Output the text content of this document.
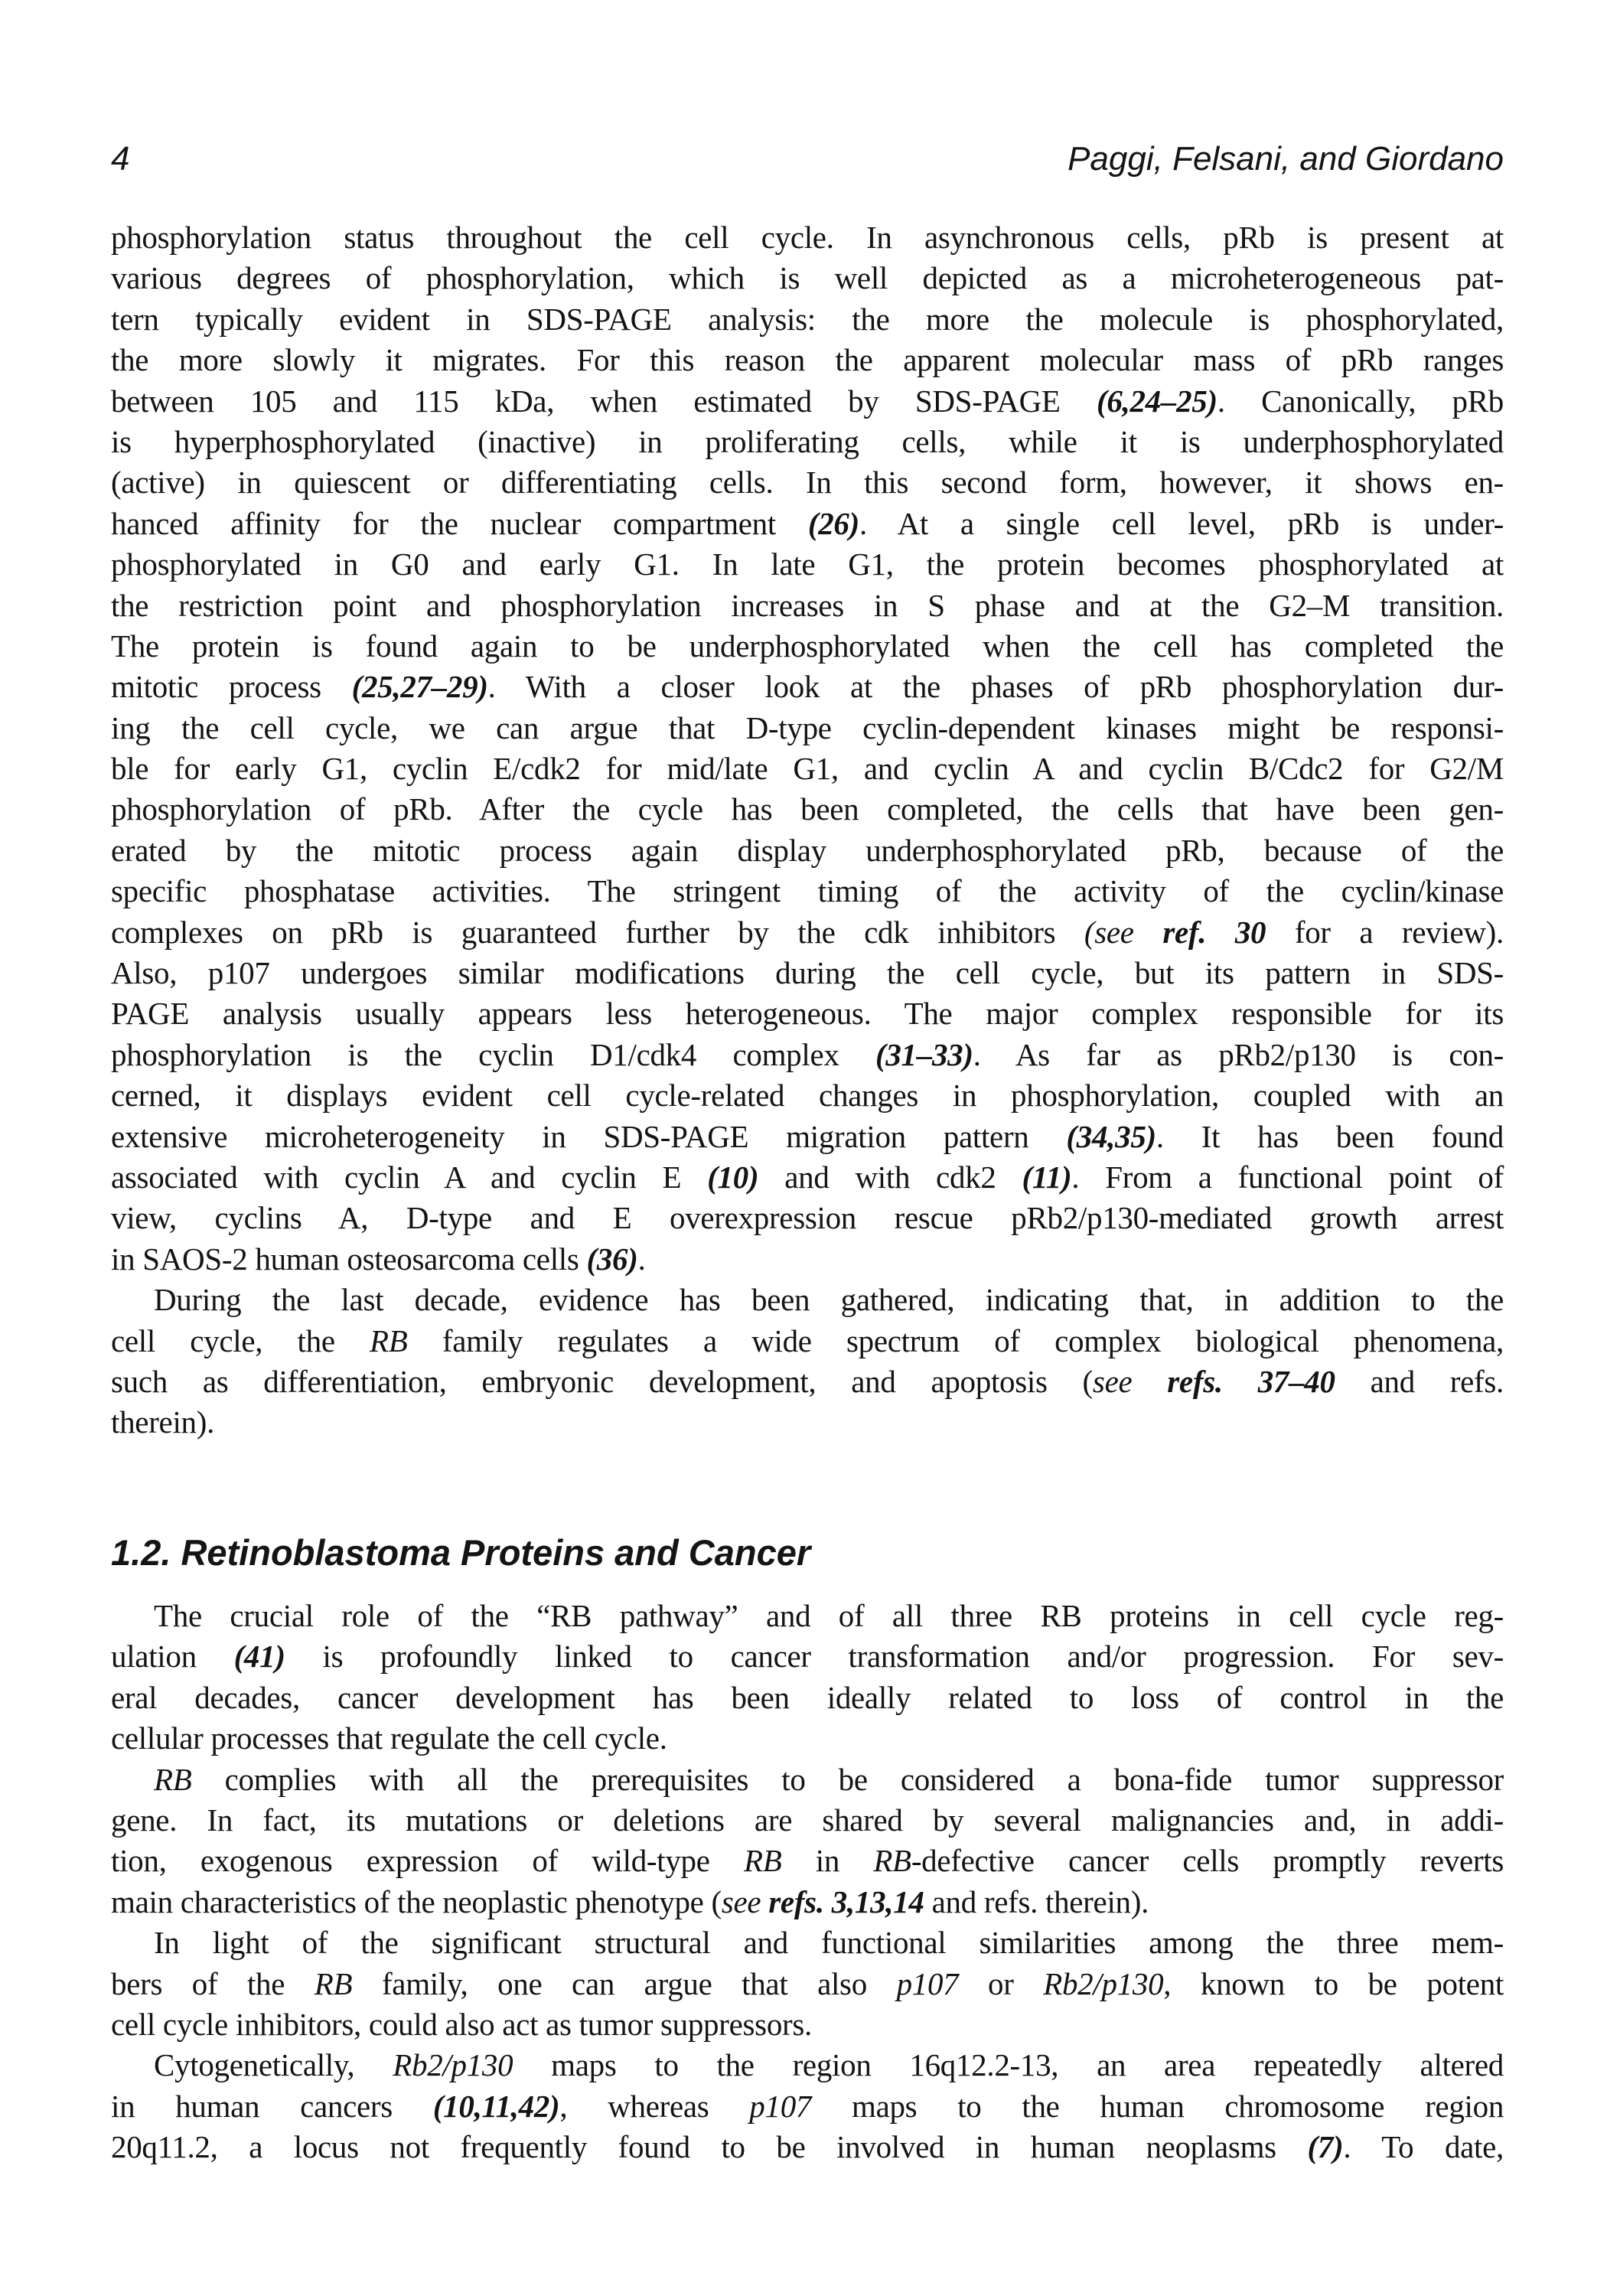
4	Paggi, Felsani, and Giordano
phosphorylation status throughout the cell cycle. In asynchronous cells, pRb is present at
various degrees of phosphorylation, which is well depicted as a microheterogeneous pat-
tern typically evident in SDS-PAGE analysis: the more the molecule is phosphorylated,
the more slowly it migrates. For this reason the apparent molecular mass of pRb ranges
between 105 and 115 kDa, when estimated by SDS-PAGE (6,24–25). Canonically, pRb
is hyperphosphorylated (inactive) in proliferating cells, while it is underphosphorylated
(active) in quiescent or differentiating cells. In this second form, however, it shows en-
hanced affinity for the nuclear compartment (26). At a single cell level, pRb is under-
phosphorylated in G0 and early G1. In late G1, the protein becomes phosphorylated at
the restriction point and phosphorylation increases in S phase and at the G2–M transition.
The protein is found again to be underphosphorylated when the cell has completed the
mitotic process (25,27–29). With a closer look at the phases of pRb phosphorylation dur-
ing the cell cycle, we can argue that D-type cyclin-dependent kinases might be responsi-
ble for early G1, cyclin E/cdk2 for mid/late G1, and cyclin A and cyclin B/Cdc2 for G2/M
phosphorylation of pRb. After the cycle has been completed, the cells that have been gen-
erated by the mitotic process again display underphosphorylated pRb, because of the
specific phosphatase activities. The stringent timing of the activity of the cyclin/kinase
complexes on pRb is guaranteed further by the cdk inhibitors (see ref. 30 for a review).
Also, p107 undergoes similar modifications during the cell cycle, but its pattern in SDS-
PAGE analysis usually appears less heterogeneous. The major complex responsible for its
phosphorylation is the cyclin D1/cdk4 complex (31–33). As far as pRb2/p130 is con-
cerned, it displays evident cell cycle-related changes in phosphorylation, coupled with an
extensive microheterogeneity in SDS-PAGE migration pattern (34,35). It has been found
associated with cyclin A and cyclin E (10) and with cdk2 (11). From a functional point of
view, cyclins A, D-type and E overexpression rescue pRb2/p130-mediated growth arrest
in SAOS-2 human osteosarcoma cells (36).
During the last decade, evidence has been gathered, indicating that, in addition to the
cell cycle, the RB family regulates a wide spectrum of complex biological phenomena,
such as differentiation, embryonic development, and apoptosis (see refs. 37–40 and refs.
therein).
1.2. Retinoblastoma Proteins and Cancer
The crucial role of the “RB pathway” and of all three RB proteins in cell cycle reg-
ulation (41) is profoundly linked to cancer transformation and/or progression. For sev-
eral decades, cancer development has been ideally related to loss of control in the
cellular processes that regulate the cell cycle.
RB complies with all the prerequisites to be considered a bona-fide tumor suppressor
gene. In fact, its mutations or deletions are shared by several malignancies and, in addi-
tion, exogenous expression of wild-type RB in RB-defective cancer cells promptly reverts
main characteristics of the neoplastic phenotype (see refs. 3,13,14 and refs. therein).
In light of the significant structural and functional similarities among the three mem-
bers of the RB family, one can argue that also p107 or Rb2/p130, known to be potent
cell cycle inhibitors, could also act as tumor suppressors.
Cytogenetically, Rb2/p130 maps to the region 16q12.2-13, an area repeatedly altered
in human cancers (10,11,42), whereas p107 maps to the human chromosome region
20q11.2, a locus not frequently found to be involved in human neoplasms (7). To date,
